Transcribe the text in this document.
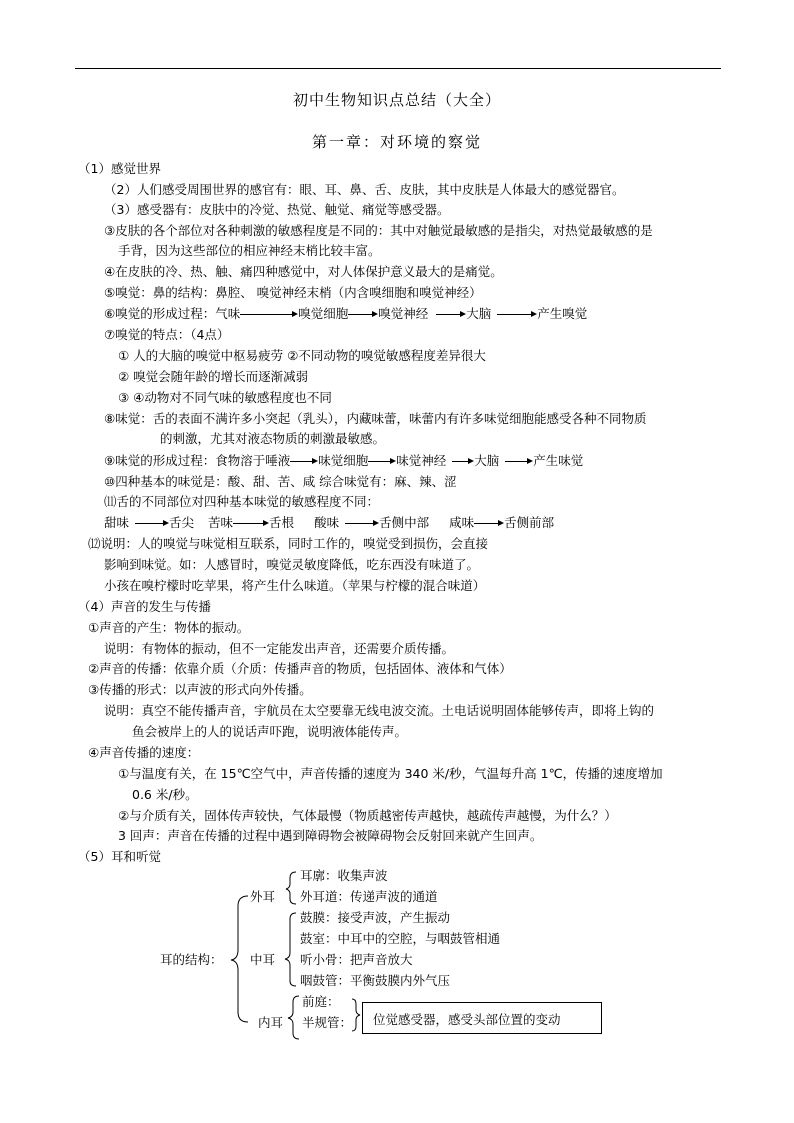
初中生物知识点总结（大全）
第一章：对环境的察觉
（1）感觉世界
（2）人们感受周围世界的感官有：眼、耳、鼻、舌、皮肤，其中皮肤是人体最大的感觉器官。
（3）感受器有：皮肤中的冷觉、热觉、触觉、痛觉等感受器。
③皮肤的各个部位对各种刺激的敏感程度是不同的：其中对触觉最敏感的是指尖，对热觉最敏感的是
手背，因为这些部位的相应神经末梢比较丰富。
④在皮肤的冷、热、触、痛四种感觉中，对人体保护意义最大的是痛觉。
⑤嗅觉：鼻的结构：鼻腔、 嗅觉神经末梢（内含嗅细胞和嗅觉神经）
⑥嗅觉的形成过程：气味	嗅觉细胞 嗅觉神经	大脑	产生嗅觉
⑦嗅觉的特点：（4点）
① 人的大脑的嗅觉中枢易疲劳 ②不同动物的嗅觉敏感程度差异很大
② 嗅觉会随年龄的增长而逐渐减弱
③ ④动物对不同气味的敏感程度也不同
⑧味觉：舌的表面不满许多小突起（乳头），内藏味蕾，味蕾内有许多味觉细胞能感受各种不同物质
的刺激，尤其对液态物质的刺激最敏感。
⑨味觉的形成过程：食物溶于唾液 味觉细胞 味觉神经 大脑	产生味觉
⑩四种基本的味觉是：酸、甜、苦、咸 综合味觉有：麻、辣、涩
⑾舌的不同部位对四种基本味觉的敏感程度不同：
甜味	舌尖 苦味	舌根 酸味	舌侧中部 咸味 舌侧前部
⑿说明：人的嗅觉与味觉相互联系，同时工作的，嗅觉受到损伤，会直接
影响到味觉。如：人感冒时，嗅觉灵敏度降低，吃东西没有味道了。
小孩在嗅柠檬时吃苹果，将产生什么味道。（苹果与柠檬的混合味道）
（4）声音的发生与传播
①声音的产生：物体的振动。
说明：有物体的振动，但不一定能发出声音，还需要介质传播。
②声音的传播：依靠介质（介质：传播声音的物质，包括固体、液体和气体）
③传播的形式：以声波的形式向外传播。
说明：真空不能传播声音，宇航员在太空要靠无线电波交流。土电话说明固体能够传声，即将上钩的
鱼会被岸上的人的说话声吓跑，说明液体能传声。
④声音传播的速度：
①与温度有关，在 15℃空气中，声音传播的速度为 340 米/秒，气温每升高 1℃，传播的速度增加
0.6 米/秒。
②与介质有关，固体传声较快，气体最慢（物质越密传声越快，越疏传声越慢，为什么？）
3 回声：声音在传播的过程中遇到障碍物会被障碍物会反射回来就产生回声。
（5）耳和听觉
耳的结构：
外耳
耳廓：收集声波
外耳道：传递声波的通道
中耳
鼓膜：接受声波，产生振动
鼓室：中耳中的空腔，与咽鼓管相通
听小骨：把声音放大
咽鼓管：平衡鼓膜内外气压
内耳
前庭：
半规管： 位觉感受器，感受头部位置的变动
